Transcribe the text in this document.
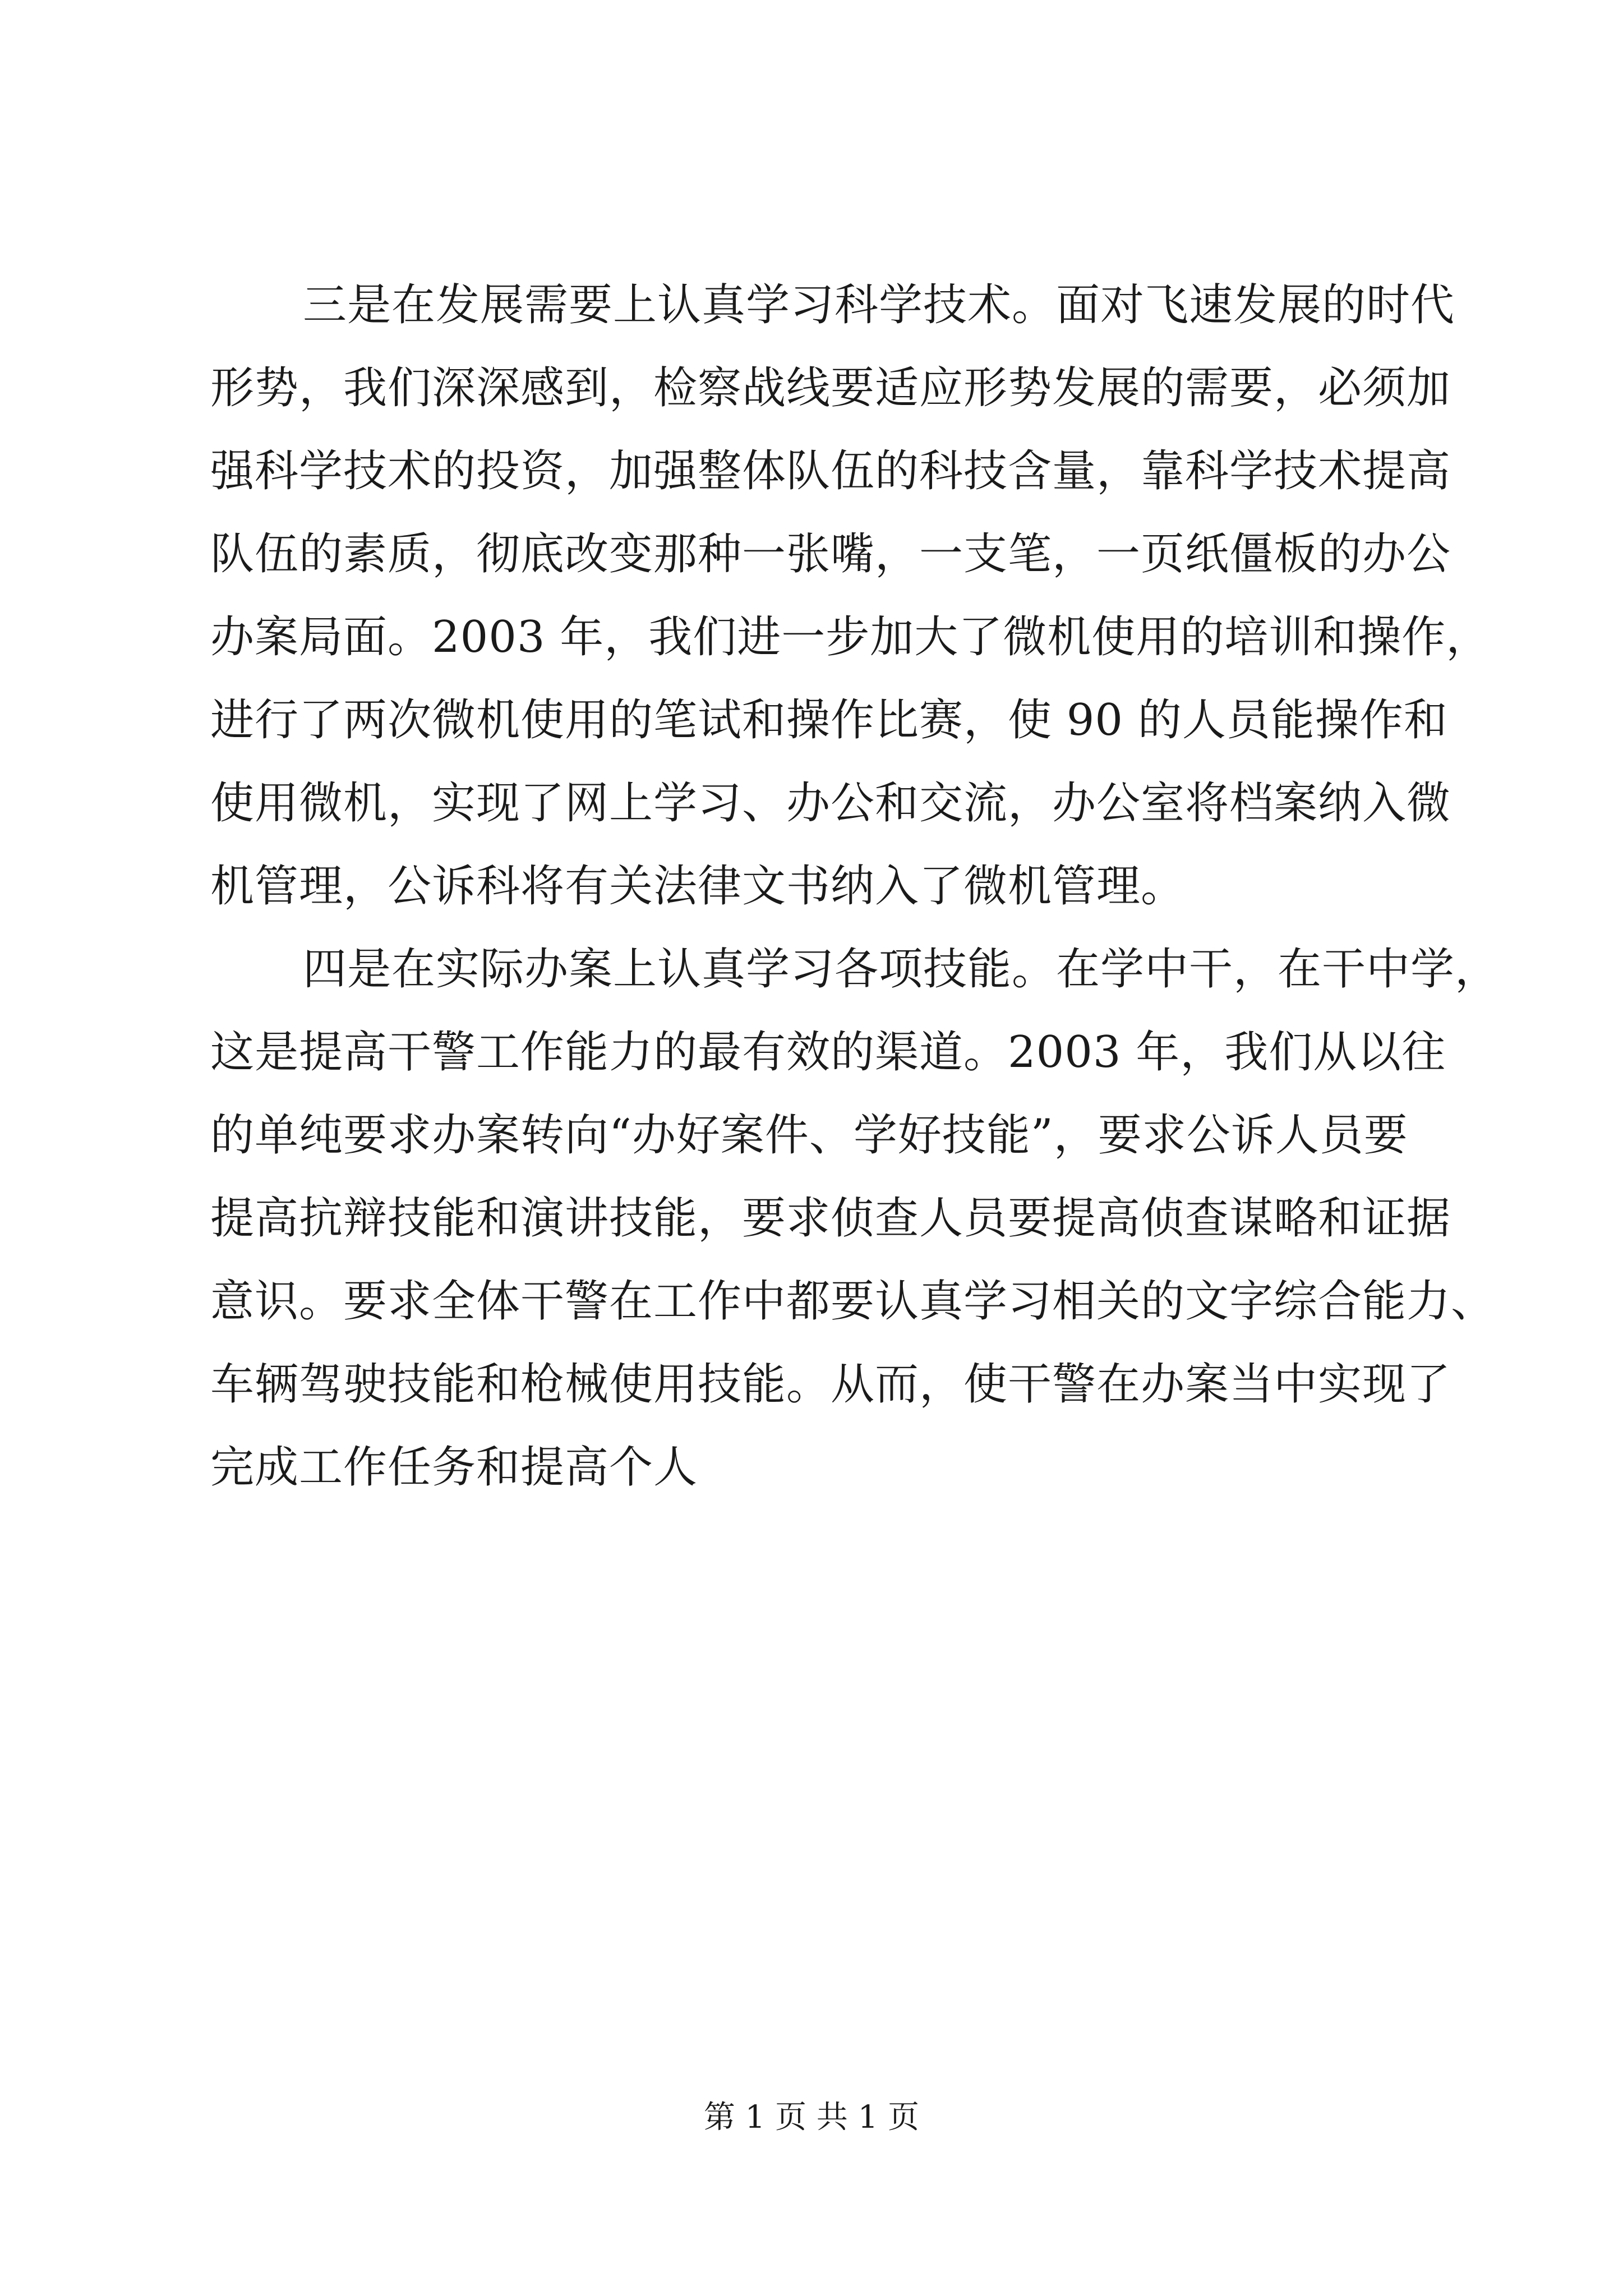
三是在发展需要上认真学习科学技术。面对飞速发展的时代
形势，我们深深感到，检察战线要适应形势发展的需要，必须加
强科学技术的投资，加强整体队伍的科技含量，靠科学技术提高
队伍的素质，彻底改变那种一张嘴，一支笔，一页纸僵板的办公
办案局面。2003 年，我们进一步加大了微机使用的培训和操作，
进行了两次微机使用的笔试和操作比赛，使 90 的人员能操作和
使用微机，实现了网上学习、办公和交流，办公室将档案纳入微
机管理，公诉科将有关法律文书纳入了微机管理。
四是在实际办案上认真学习各项技能。在学中干，在干中学，
这是提高干警工作能力的最有效的渠道。2003 年，我们从以往
的单纯要求办案转向“办好案件、学好技能”，要求公诉人员要
提高抗辩技能和演讲技能，要求侦查人员要提高侦查谋略和证据
意识。要求全体干警在工作中都要认真学习相关的文字综合能力、
车辆驾驶技能和枪械使用技能。从而，使干警在办案当中实现了
完成工作任务和提高个人
第 1 页 共 1 页
